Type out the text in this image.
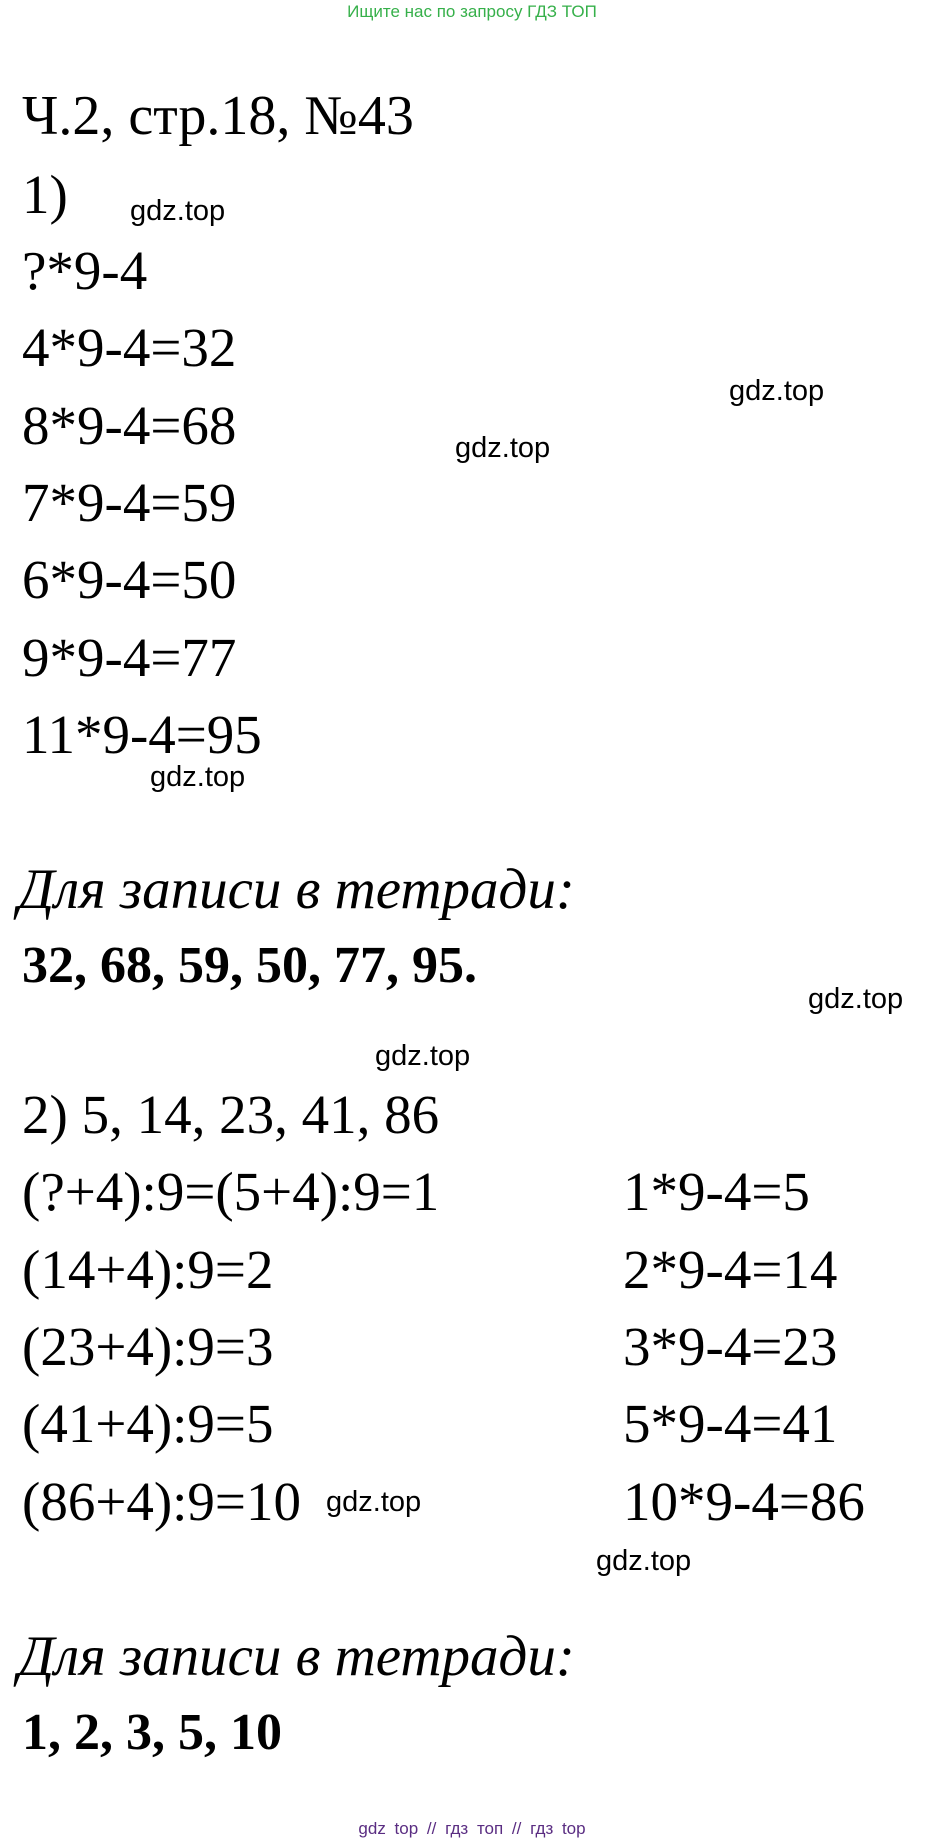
Ищите нас по запросу ГДЗ ТОП
Ч.2, стр.18, №43
1)
?*9-4
4*9-4=32
8*9-4=68
7*9-4=59
6*9-4=50
9*9-4=77
11*9-4=95
Для записи в тетради:
32, 68, 59, 50, 77, 95.
2) 5, 14, 23, 41, 86
(?+4):9=(5+4):9=1
(14+4):9=2
(23+4):9=3
(41+4):9=5
(86+4):9=10
1*9-4=5
2*9-4=14
3*9-4=23
5*9-4=41
10*9-4=86
Для записи в тетради:
1, 2, 3, 5, 10
gdz.top
gdz.top
gdz.top
gdz.top
gdz.top
gdz.top
gdz.top
gdz.top
gdz top // гдз топ // гдз top
